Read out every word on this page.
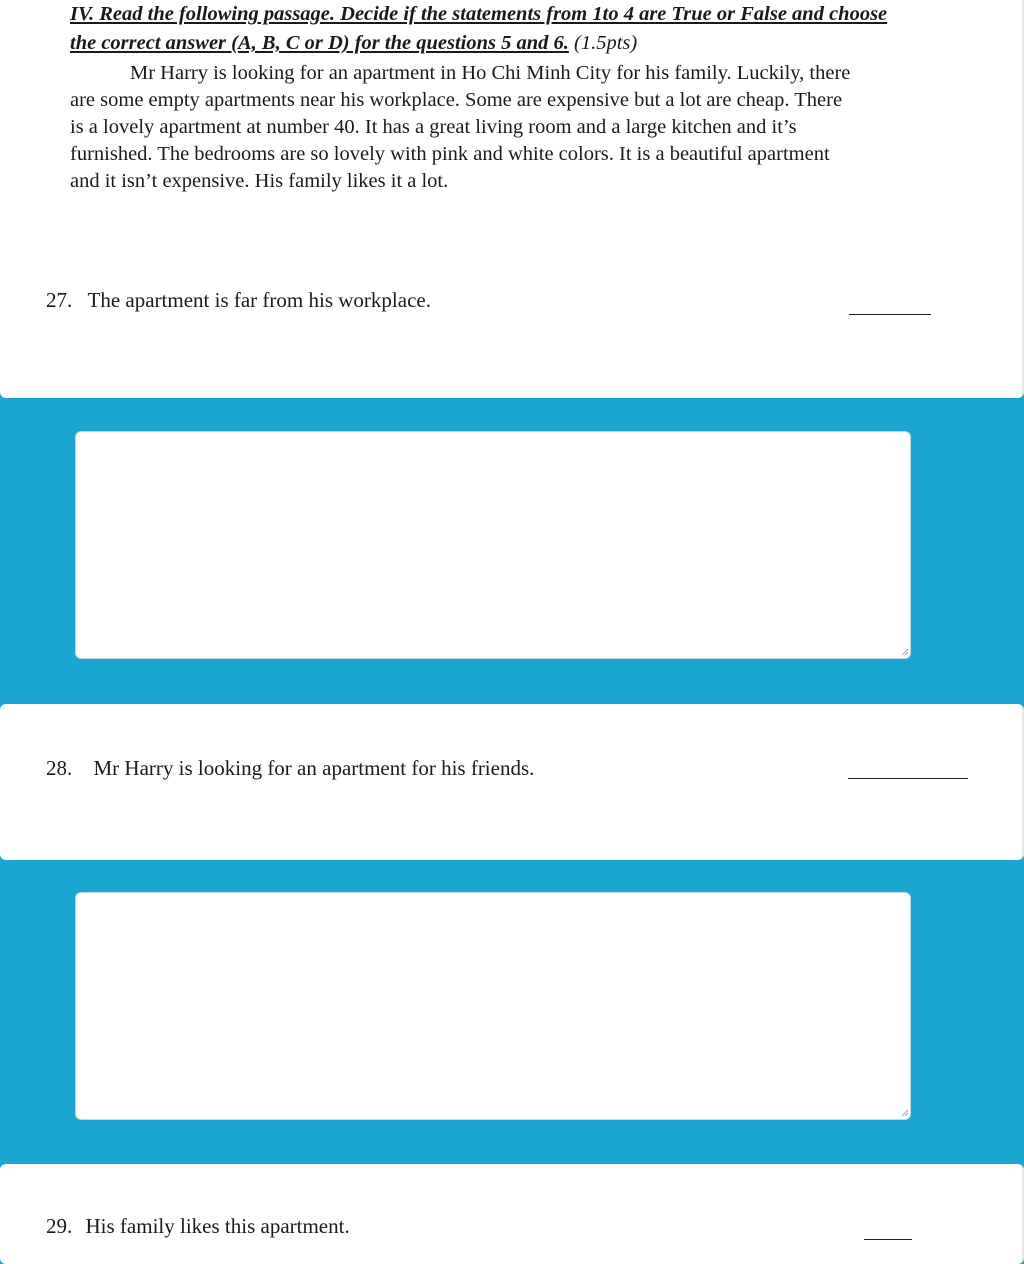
IV. Read the following passage. Decide if the statements from 1to 4 are True or False and choose
the correct answer (A, B, C or D) for the questions 5 and 6. (1.5pts)
Mr Harry is looking for an apartment in Ho Chi Minh City for his family. Luckily, there
are some empty apartments near his workplace. Some are expensive but a lot are cheap. There
is a lovely apartment at number 40. It has a great living room and a large kitchen and it’s
furnished. The bedrooms are so lovely with pink and white colors. It is a beautiful apartment
and it isn’t expensive. His family likes it a lot.
27. The apartment is far from his workplace.
28. Mr Harry is looking for an apartment for his friends.
29. His family likes this apartment.
